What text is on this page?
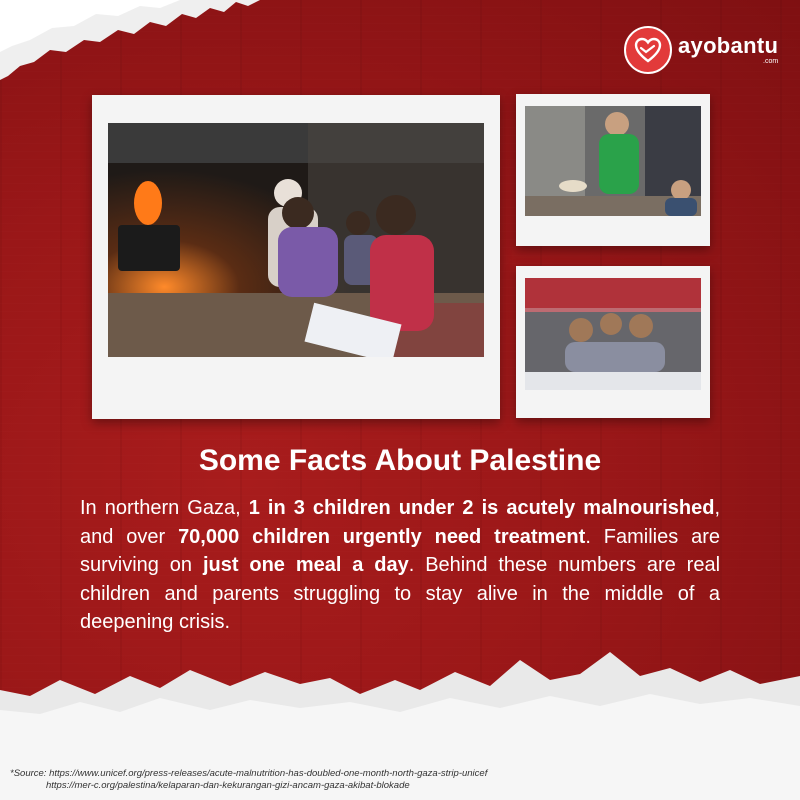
ayobantu
.com
Some Facts About Palestine
In northern Gaza, 1 in 3 children under 2 is acutely malnourished, and over 70,000 children urgently need treatment. Families are surviving on just one meal a day. Behind these numbers are real children and parents struggling to stay alive in the middle of a deepening crisis.
*Source: https://www.unicef.org/press-releases/acute-malnutrition-has-doubled-one-month-north-gaza-strip-unicef
https://mer-c.org/palestina/kelaparan-dan-kekurangan-gizi-ancam-gaza-akibat-blokade
